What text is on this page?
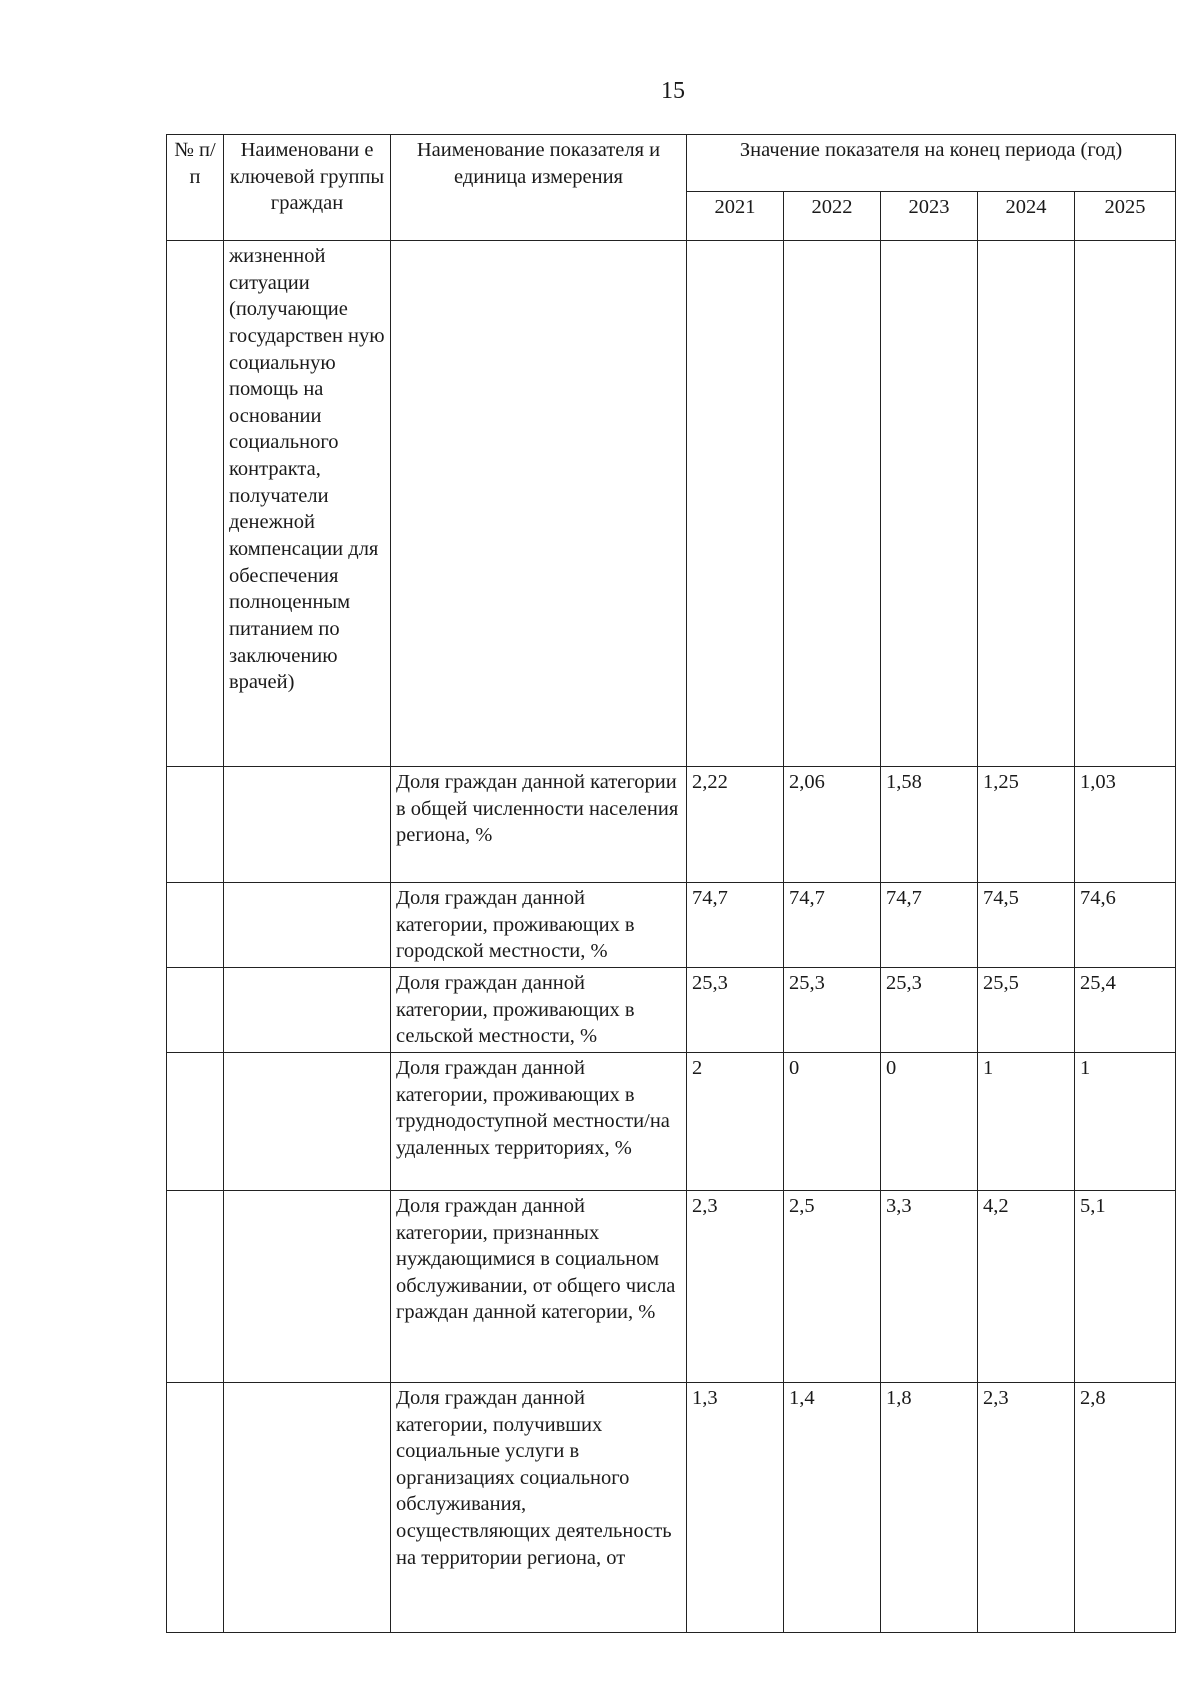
15
№ п/п	Наименовани е ключевой группы граждан	Наименование показателя и единица измерения	Значение показателя на конец периода (год)				
			2021	2022	2023	2024	2025
	жизненной ситуации (получающие государствен ную социальную помощь на основании социального контракта, получатели денежной компенсации для обеспечения полноценным питанием по заключению врачей)						
		Доля граждан данной категории в общей численности населения региона, %	2,22	2,06	1,58	1,25	1,03
		Доля граждан данной категории, проживающих в городской местности, %	74,7	74,7	74,7	74,5	74,6
		Доля граждан данной категории, проживающих в сельской местности, %	25,3	25,3	25,3	25,5	25,4
		Доля граждан данной категории, проживающих в труднодоступной местности/на удаленных территориях, %	2	0	0	1	1
		Доля граждан данной категории, признанных нуждающимися в социальном обслуживании, от общего числа граждан данной категории, %	2,3	2,5	3,3	4,2	5,1
		Доля граждан данной категории, получивших социальные услуги в организациях социального обслуживания, осуществляющих деятельность на территории региона, от	1,3	1,4	1,8	2,3	2,8
